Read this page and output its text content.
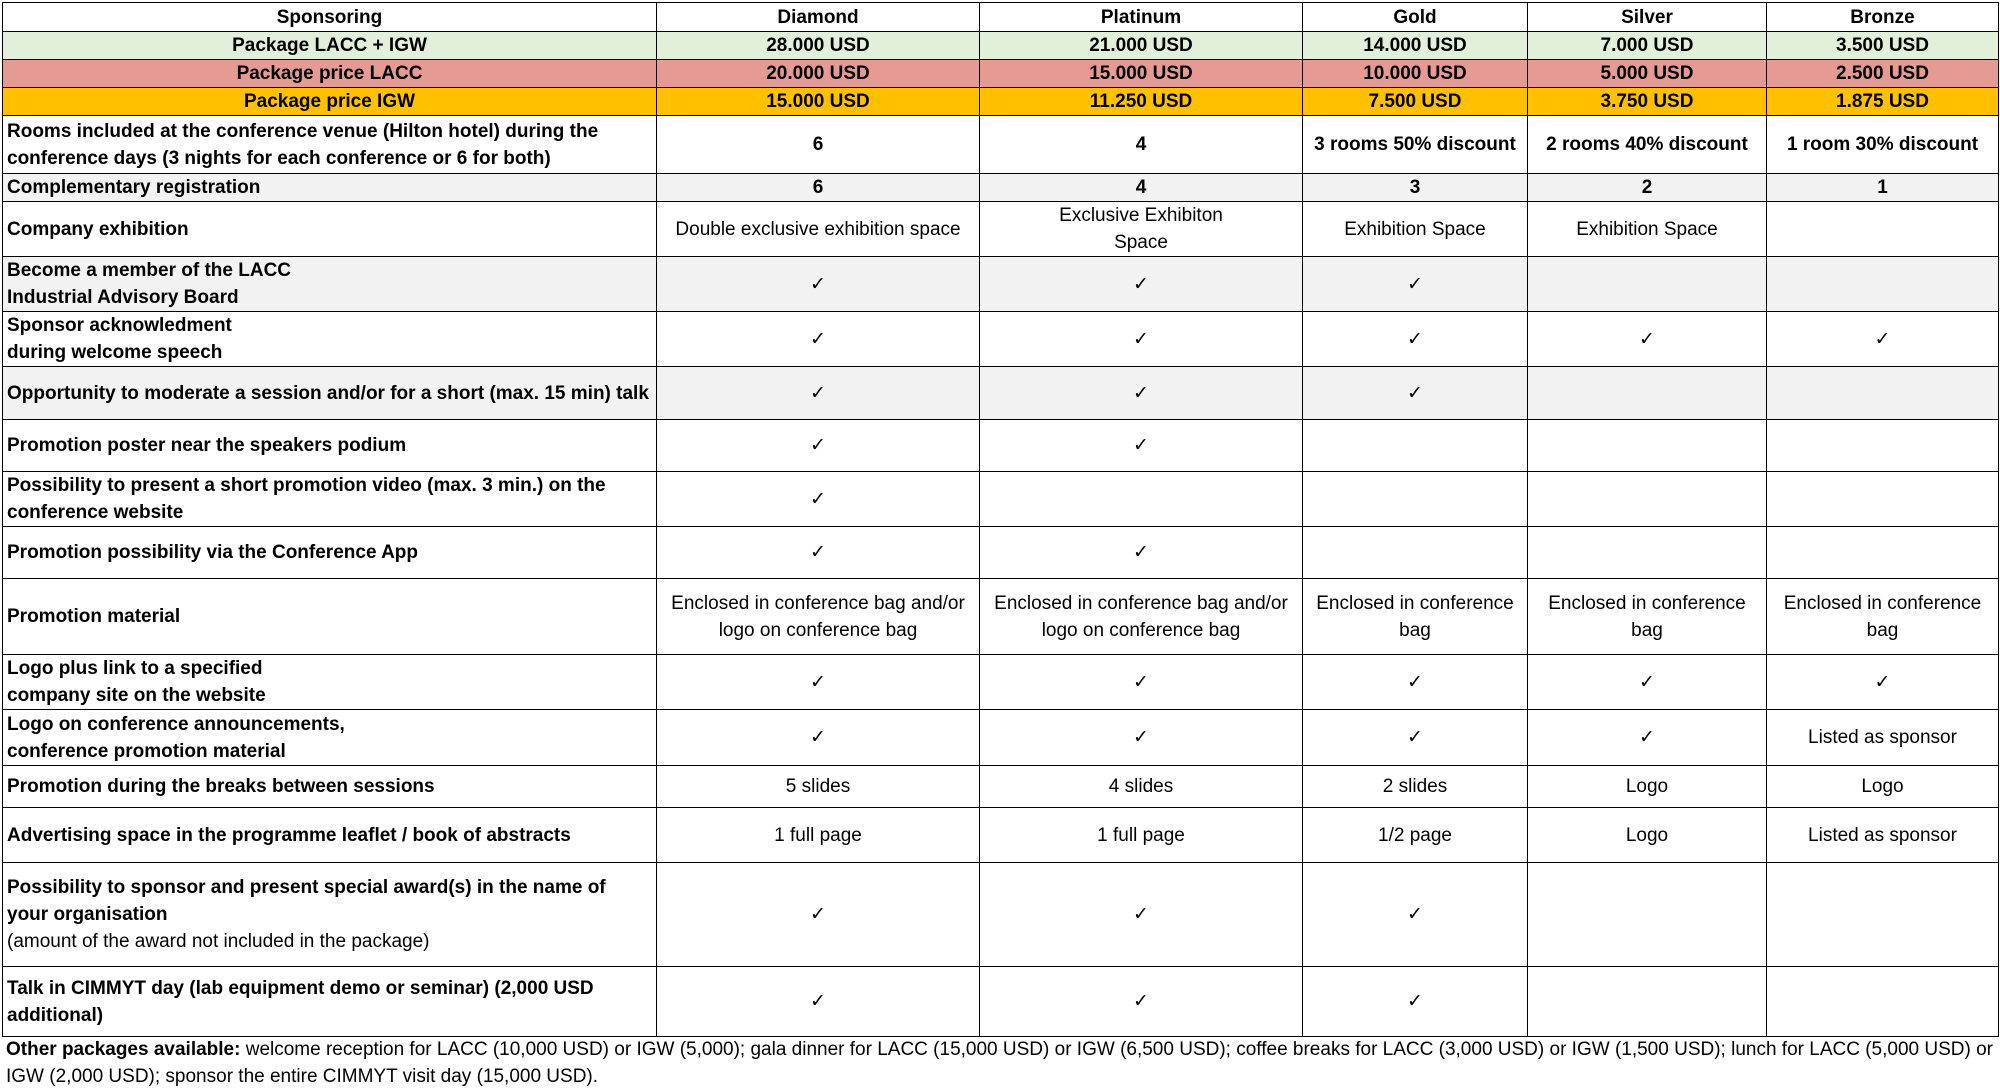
Sponsoring	Diamond	Platinum	Gold	Silver	Bronze
Package LACC + IGW	28.000 USD	21.000 USD	14.000 USD	7.000 USD	3.500 USD
Package price LACC	20.000 USD	15.000 USD	10.000 USD	5.000 USD	2.500 USD
Package price IGW	15.000 USD	11.250 USD	7.500 USD	3.750 USD	1.875 USD
Rooms included at the conference venue (Hilton hotel) during the conference days (3 nights for each conference or 6 for both)	6	4	3 rooms 50% discount	2 rooms 40% discount	1 room 30% discount
Complementary registration	6	4	3	2	1
Company exhibition	Double exclusive exhibition space	Exclusive Exhibiton Space	Exhibition Space	Exhibition Space	
Become a member of the LACC Industrial Advisory Board	✓	✓	✓		
Sponsor acknowledment during welcome speech	✓	✓	✓	✓	✓
Opportunity to moderate a session and/or for a short (max. 15 min) talk	✓	✓	✓		
Promotion poster near the speakers podium	✓	✓			
Possibility to present a short promotion video (max. 3 min.) on the conference website	✓				
Promotion possibility via the Conference App	✓	✓			
Promotion material	Enclosed in conference bag and/or logo on conference bag	Enclosed in conference bag and/or logo on conference bag	Enclosed in conference bag	Enclosed in conference bag	Enclosed in conference bag
Logo plus link to a specified company site on the website	✓	✓	✓	✓	✓
Logo on conference announcements, conference promotion material	✓	✓	✓	✓	Listed as sponsor
Promotion during the breaks between sessions	5 slides	4 slides	2 slides	Logo	Logo
Advertising space in the programme leaflet / book of abstracts	1 full page	1 full page	1/2 page	Logo	Listed as sponsor

Possibility to sponsor and present special award(s) in the name of your organisation
(amount of the award not included in the package)	✓	✓	✓		
Talk in CIMMYT day (lab equipment demo or seminar) (2,000 USD additional)	✓	✓	✓		
Other packages available: welcome reception for LACC (10,000 USD) or IGW (5,000); gala dinner for LACC (15,000 USD) or IGW (6,500 USD); coffee breaks for LACC (3,000 USD) or IGW (1,500 USD); lunch for LACC (5,000 USD) or IGW (2,000 USD); sponsor the entire CIMMYT visit day (15,000 USD).
